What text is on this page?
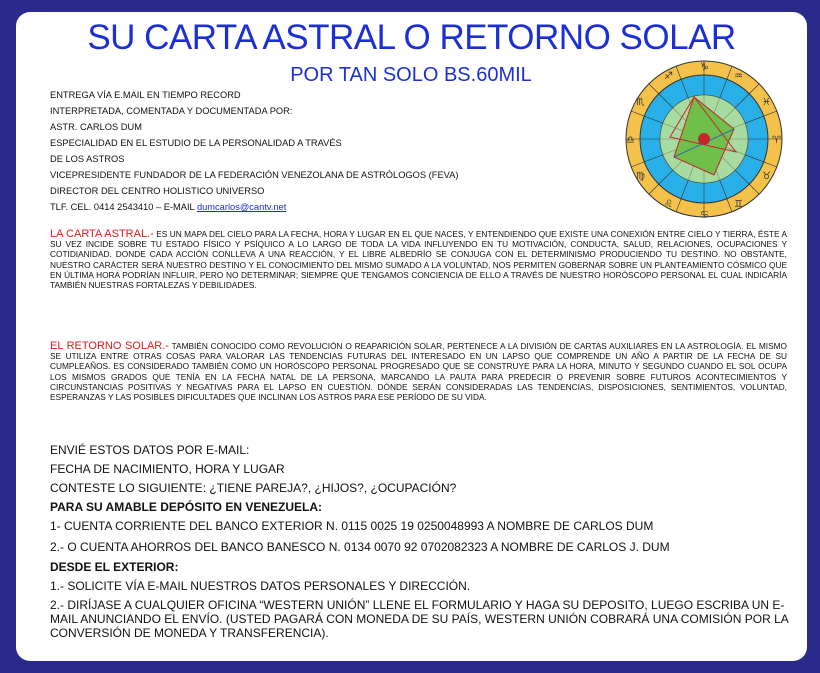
SU CARTA ASTRAL O RETORNO SOLAR
POR TAN SOLO BS.60MIL
ENTREGA VÍA E.MAIL EN TIEMPO RECORD
INTERPRETADA, COMENTADA Y DOCUMENTADA POR:
ASTR. CARLOS DUM
ESPECIALIDAD EN EL ESTUDIO DE LA PERSONALIDAD A TRAVÉS
DE LOS ASTROS
VICEPRESIDENTE FUNDADOR DE LA FEDERACIÓN VENEZOLANA DE ASTRÓLOGOS (FEVA)
DIRECTOR DEL CENTRO HOLISTICO UNIVERSO
TLF. CEL. 0414 2543410 – E-MAIL dumcarlos@cantv.net
♑
♒
♓
♈
♉
♊
♋
♌
♍
♎
♏
♐
LA CARTA ASTRAL.- ES UN MAPA DEL CIELO PARA LA FECHA, HORA Y LUGAR EN EL QUE NACES, Y ENTENDIENDO QUE EXISTE UNA CONEXIÓN ENTRE CIELO Y TIERRA, ÉSTE A SU VEZ INCIDE SOBRE TU ESTADO FÍSICO Y PSÍQUICO A LO LARGO DE TODA LA VIDA INFLUYENDO EN TU MOTIVACIÓN, CONDUCTA, SALUD, RELACIONES, OCUPACIONES Y COTIDIANIDAD. DONDE CADA ACCIÓN CONLLEVA A UNA REACCIÓN, Y EL LIBRE ALBEDRÍO SE CONJUGA CON EL DETERMINISMO PRODUCIENDO TU DESTINO. NO OBSTANTE, NUESTRO CARÁCTER SERÁ NUESTRO DESTINO Y EL CONOCIMIENTO DEL MISMO SUMADO A LA VOLUNTAD, NOS PERMITEN GOBERNAR SOBRE UN PLANTEAMIENTO CÓSMICO QUE EN ÚLTIMA HORA PODRÍAN INFLUIR, PERO NO DETERMINAR; SIEMPRE QUE TENGAMOS CONCIENCIA DE ELLO A TRAVÉS DE NUESTRO HORÓSCOPO PERSONAL EL CUAL INDICARÍA TAMBIÉN NUESTRAS FORTALEZAS Y DEBILIDADES.
EL RETORNO SOLAR.- TAMBIÉN CONOCIDO COMO REVOLUCIÓN O REAPARICIÓN SOLAR, PERTENECE A LA DIVISIÓN DE CARTAS AUXILIARES EN LA ASTROLOGÍA. EL MISMO SE UTILIZA ENTRE OTRAS COSAS PARA VALORAR LAS TENDENCIAS FUTURAS DEL INTERESADO EN UN LAPSO QUE COMPRENDE UN AÑO A PARTIR DE LA FECHA DE SU CUMPLEAÑOS. ES CONSIDERADO TAMBIÉN COMO UN HORÓSCOPO PERSONAL PROGRESADO QUE SE CONSTRUYE PARA LA HORA, MINUTO Y SEGUNDO CUANDO EL SOL OCUPA LOS MISMOS GRADOS QUE TENÍA EN LA FECHA NATAL DE LA PERSONA, MARCANDO LA PAUTA PARA PREDECIR O PREVENIR SOBRE FUTUROS ACONTECIMIENTOS Y CIRCUNSTANCIAS POSITIVAS Y NEGATIVAS PARA EL LAPSO EN CUESTIÓN. DÓNDE SERÁN CONSIDERADAS LAS TENDENCIAS, DISPOSICIONES, SENTIMIENTOS, VOLUNTAD, ESPERANZAS Y LAS POSIBLES DIFICULTADES QUE INCLINAN LOS ASTROS PARA ESE PERÍODO DE SU VIDA.
ENVIÉ ESTOS DATOS POR E-MAIL:
FECHA DE NACIMIENTO, HORA Y LUGAR
CONTESTE LO SIGUIENTE: ¿TIENE PAREJA?, ¿HIJOS?, ¿OCUPACIÓN?
PARA SU AMABLE DEPÓSITO EN VENEZUELA:
1- CUENTA CORRIENTE DEL BANCO EXTERIOR N. 0115 0025 19 0250048993 A NOMBRE DE CARLOS DUM
2.- O CUENTA AHORROS DEL BANCO BANESCO N. 0134 0070 92 0702082323 A NOMBRE DE CARLOS J. DUM
DESDE EL EXTERIOR:
1.- SOLICITE VÍA E-MAIL NUESTROS DATOS PERSONALES Y DIRECCIÓN.
2.- DIRÍJASE A CUALQUIER OFICINA “WESTERN UNIÓN” LLENE EL FORMULARIO Y HAGA SU DEPOSITO, LUEGO ESCRIBA UN E-MAIL ANUNCIANDO EL ENVÍO. (USTED PAGARÁ CON MONEDA DE SU PAÍS, WESTERN UNIÓN COBRARÁ UNA COMISIÓN POR LA CONVERSIÓN DE MONEDA Y TRANSFERENCIA).
